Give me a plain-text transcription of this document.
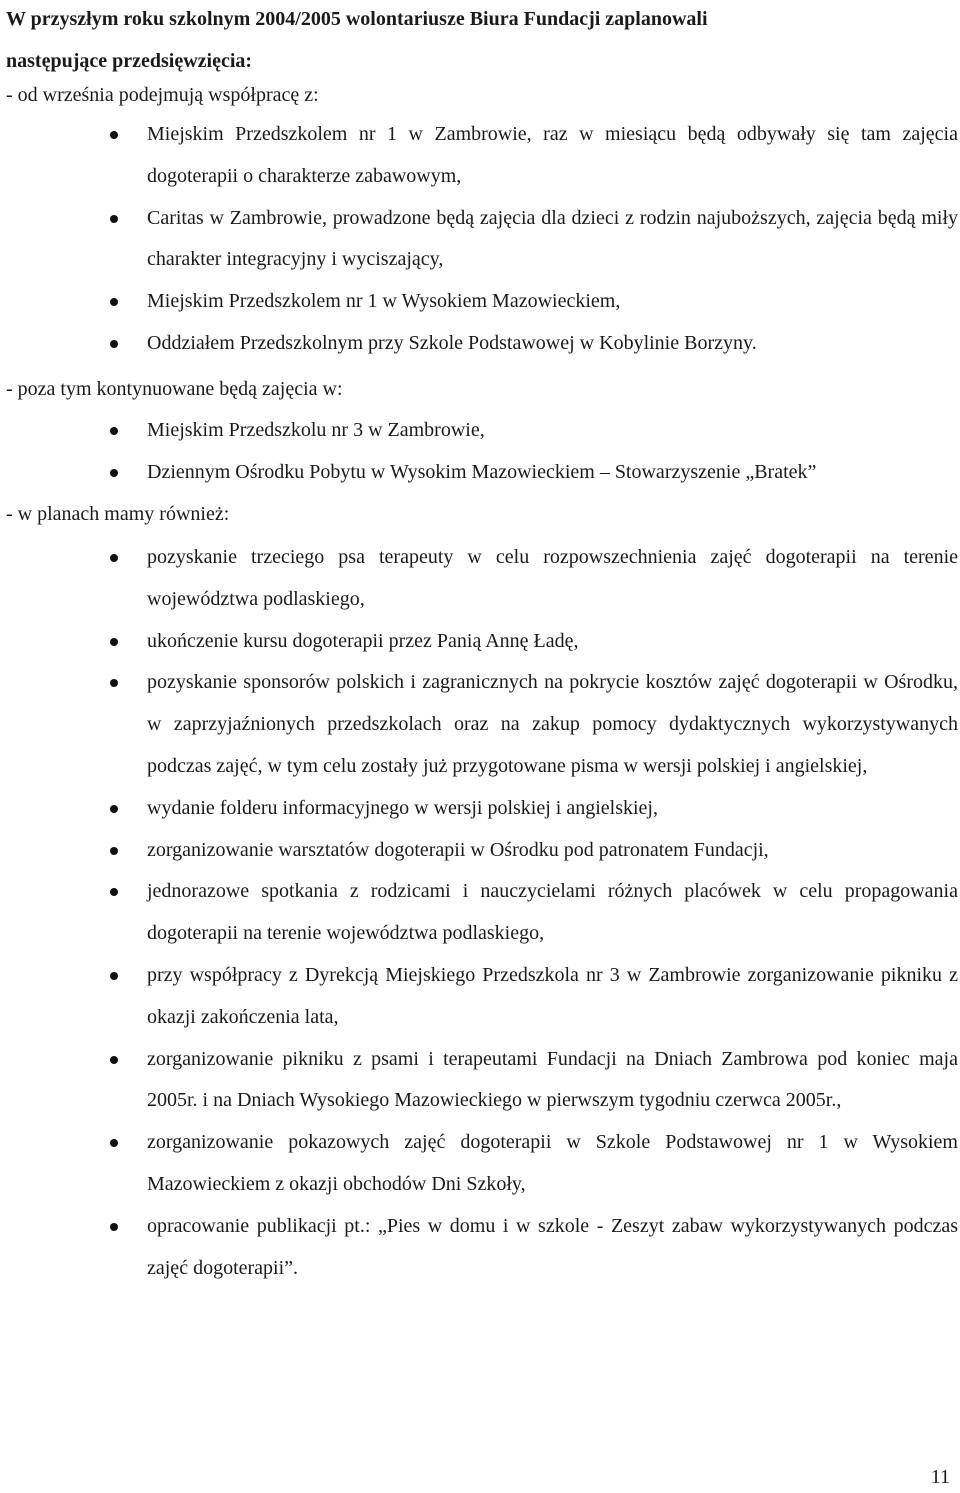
W przyszłym roku szkolnym 2004/2005 wolontariusze Biura Fundacji zaplanowali
następujące przedsięwzięcia:

- od września podejmują współpracę z:

Miejskim Przedszkolem nr 1 w Zambrowie, raz w miesiącu będą odbywały się tam zajęcia dogoterapii o charakterze zabawowym,
Caritas w Zambrowie, prowadzone będą zajęcia dla dzieci z rodzin najuboższych, zajęcia będą miły charakter integracyjny i wyciszający,
Miejskim Przedszkolem nr 1 w Wysokiem Mazowieckiem,
Oddziałem Przedszkolnym przy Szkole Podstawowej w Kobylinie Borzyny.

- poza tym kontynuowane będą zajęcia w:

Miejskim Przedszkolu nr 3 w Zambrowie,
Dziennym Ośrodku Pobytu w Wysokim Mazowieckiem – Stowarzyszenie „Bratek”

- w planach mamy również:

pozyskanie trzeciego psa terapeuty w celu rozpowszechnienia zajęć dogoterapii na terenie województwa podlaskiego,
ukończenie kursu dogoterapii przez Panią Annę Ładę,
pozyskanie sponsorów polskich i zagranicznych na pokrycie kosztów zajęć dogoterapii w Ośrodku, w zaprzyjaźnionych przedszkolach oraz na zakup pomocy dydaktycznych wykorzystywanych podczas zajęć, w tym celu zostały już przygotowane pisma w wersji polskiej i angielskiej,
wydanie folderu informacyjnego w wersji polskiej i angielskiej,
zorganizowanie warsztatów dogoterapii w Ośrodku pod patronatem Fundacji,
jednorazowe spotkania z rodzicami i nauczycielami różnych placówek w celu propagowania dogoterapii na terenie województwa podlaskiego,
przy współpracy z Dyrekcją Miejskiego Przedszkola nr 3 w Zambrowie zorganizowanie pikniku z okazji zakończenia lata,
zorganizowanie pikniku z psami i terapeutami Fundacji na Dniach Zambrowa pod koniec maja 2005r. i na Dniach Wysokiego Mazowieckiego w pierwszym tygodniu czerwca 2005r.,
zorganizowanie pokazowych zajęć dogoterapii w Szkole Podstawowej nr 1 w Wysokiem Mazowieckiem z okazji obchodów Dni Szkoły,
opracowanie publikacji pt.: „Pies w domu i w szkole - Zeszyt zabaw wykorzystywanych podczas zajęć dogoterapii”.
11
